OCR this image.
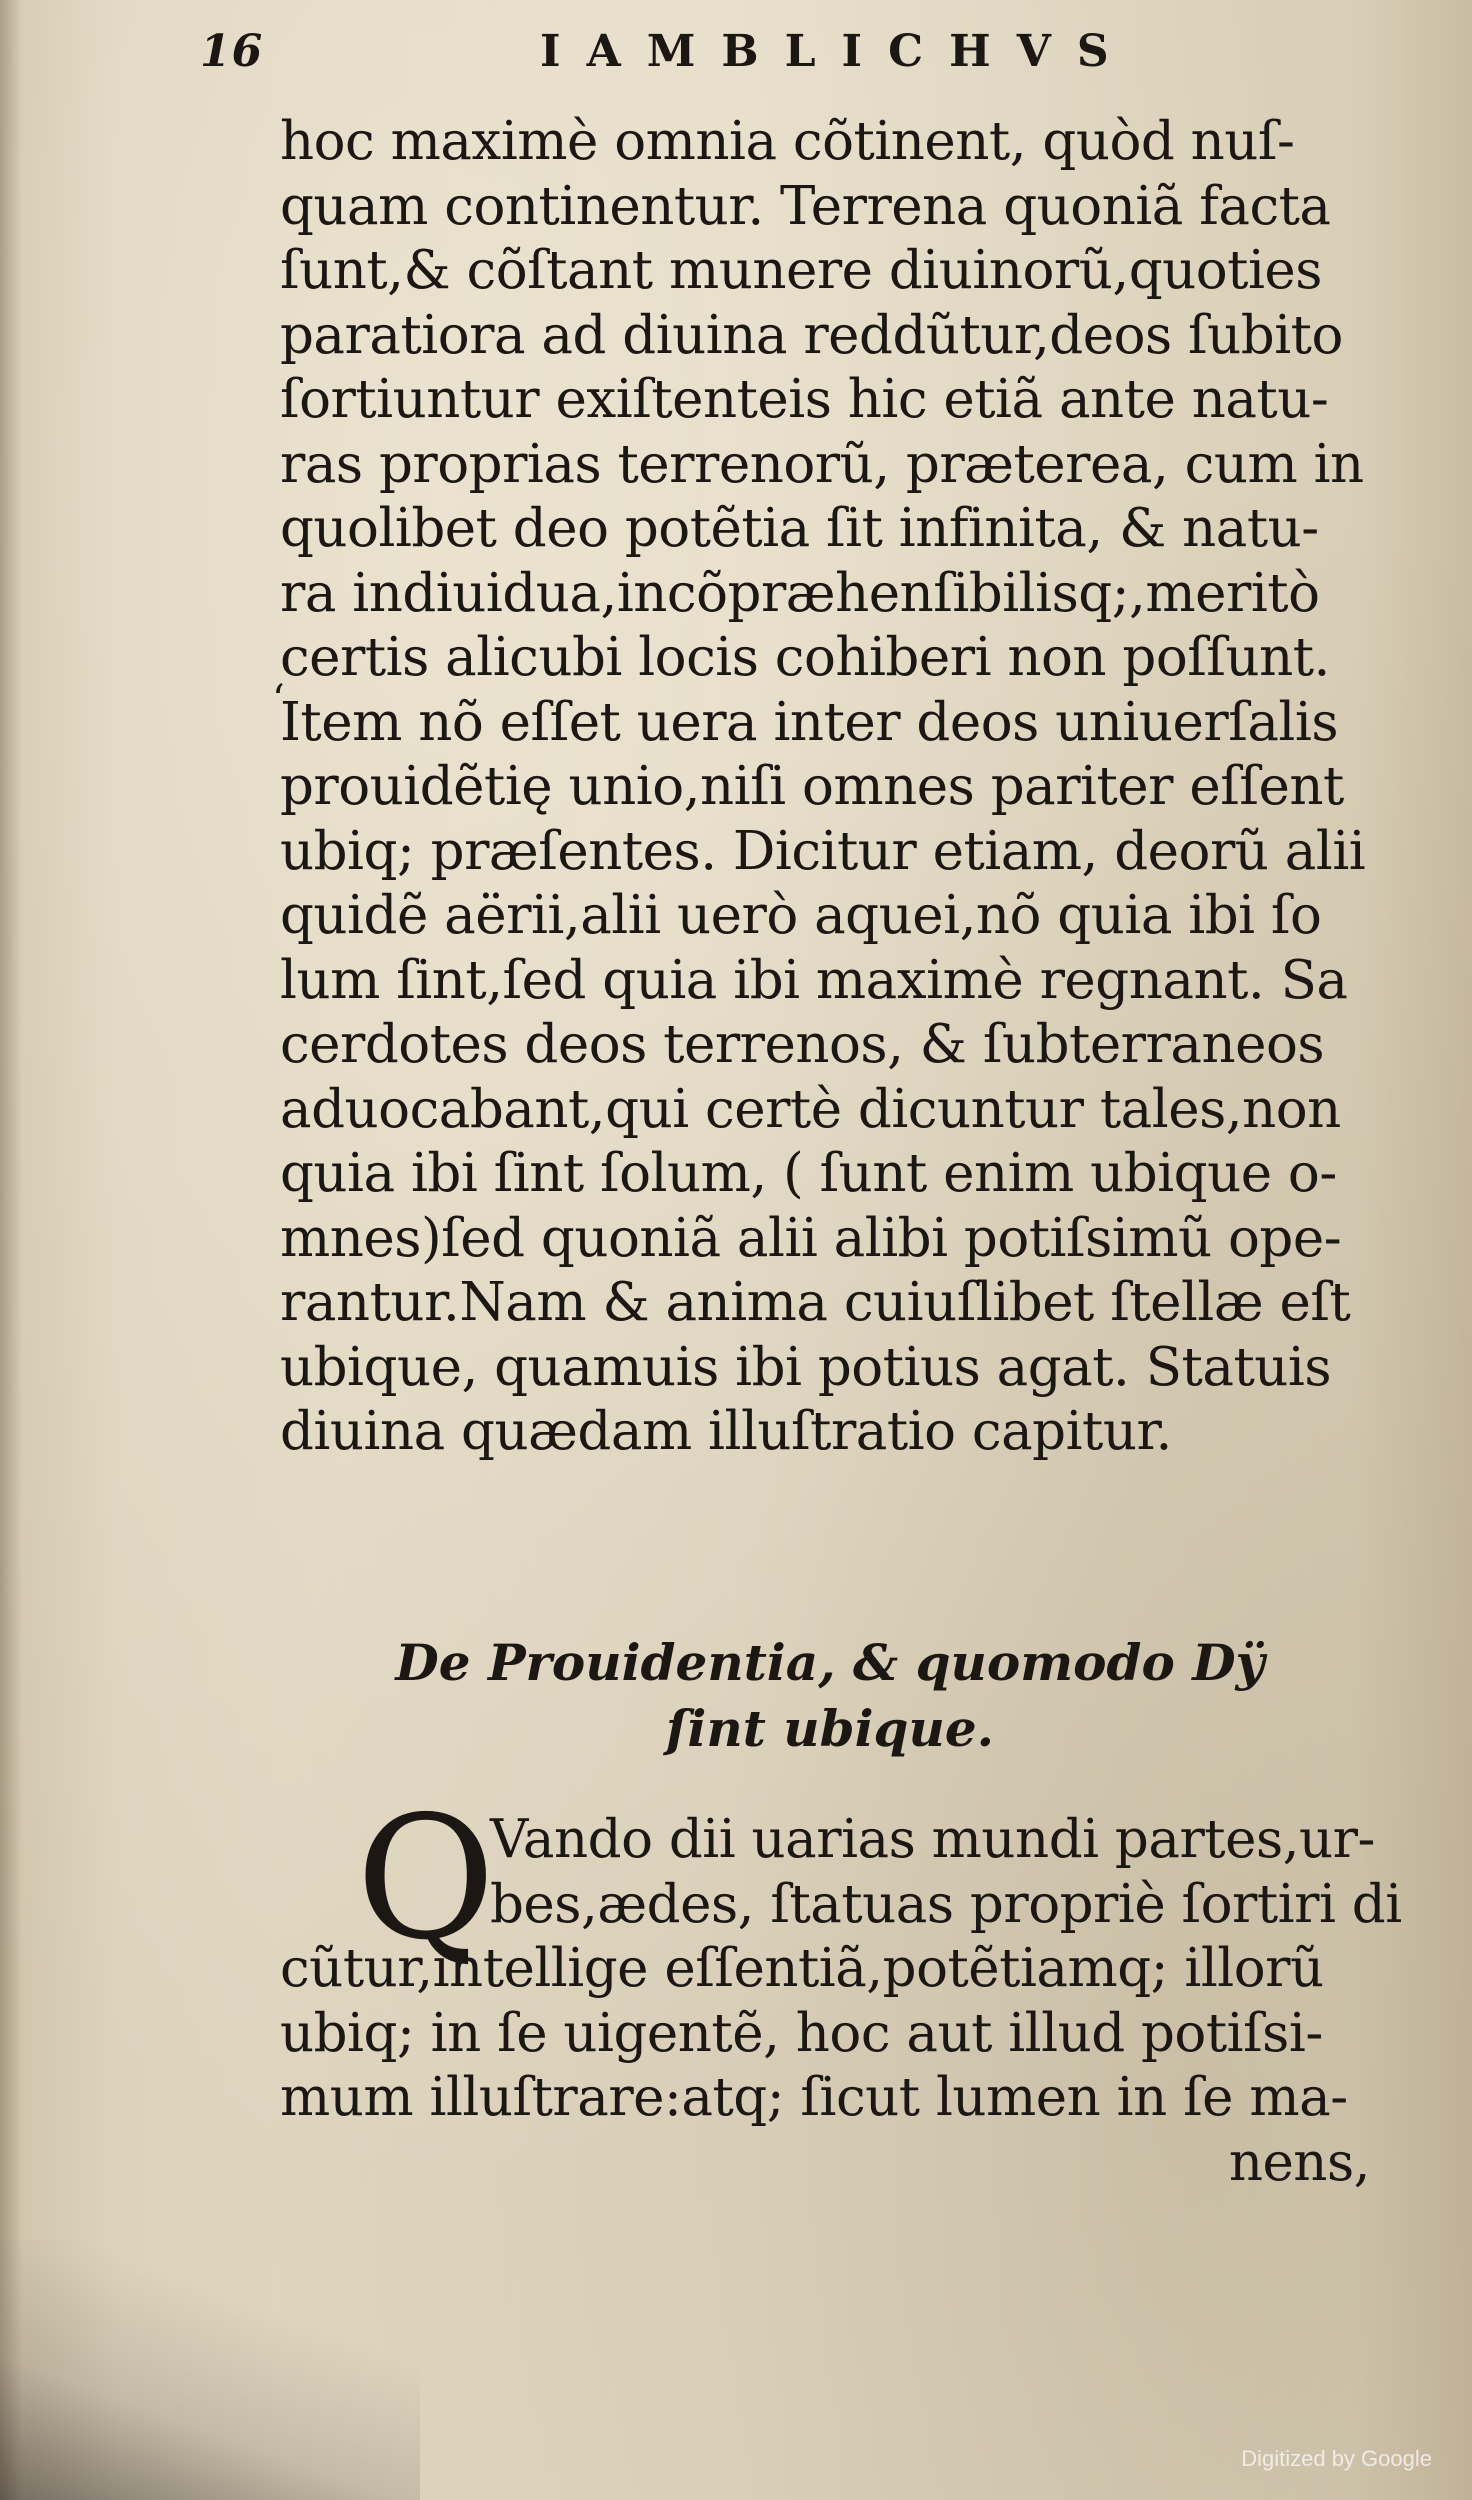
16	IAMBLICHVS
ʻ
hoc maximè omnia cõtinent, quòd nuſ-
quam continentur. Terrena quoniã facta
ſunt,& cõſtant munere diuinorũ,quoties
paratiora ad diuina reddũtur,deos ſubito
ſortiuntur exiſtenteis hic etiã ante natu-
ras proprias terrenorũ, præterea, cum in
quolibet deo potẽtia ſit infinita, & natu-
ra indiuidua,incõpræhenſibilisq;,meritò
certis alicubi locis cohiberi non poſſunt.
Item nõ eſſet uera inter deos uniuerſalis
prouidẽtię unio,niſi omnes pariter eſſent
ubiq; præſentes. Dicitur etiam, deorũ alii
quidẽ aërii,alii uerò aquei,nõ quia ibi ſo
lum ſint,ſed quia ibi maximè regnant. Sa
cerdotes deos terrenos, & ſubterraneos
aduocabant,qui certè dicuntur tales,non
quia ibi ſint ſolum, ( ſunt enim ubique o-
mnes)ſed quoniã alii alibi potiſsimũ ope-
rantur.Nam & anima cuiuſlibet ſtellæ eſt
ubique, quamuis ibi potius agat. Statuis
diuina quædam illuſtratio capitur.
De Prouidentia, & quomodo Dÿ
ſint ubique.
Q
Vando dii uarias mundi partes,ur-
bes,ædes, ſtatuas propriè ſortiri di
cũtur,intellige eſſentiã,potẽtiamq; illorũ
ubiq; in ſe uigentẽ, hoc aut illud potiſsi-
mum illuſtrare:atq; ſicut lumen in ſe ma-
nens,
Digitized by Google
